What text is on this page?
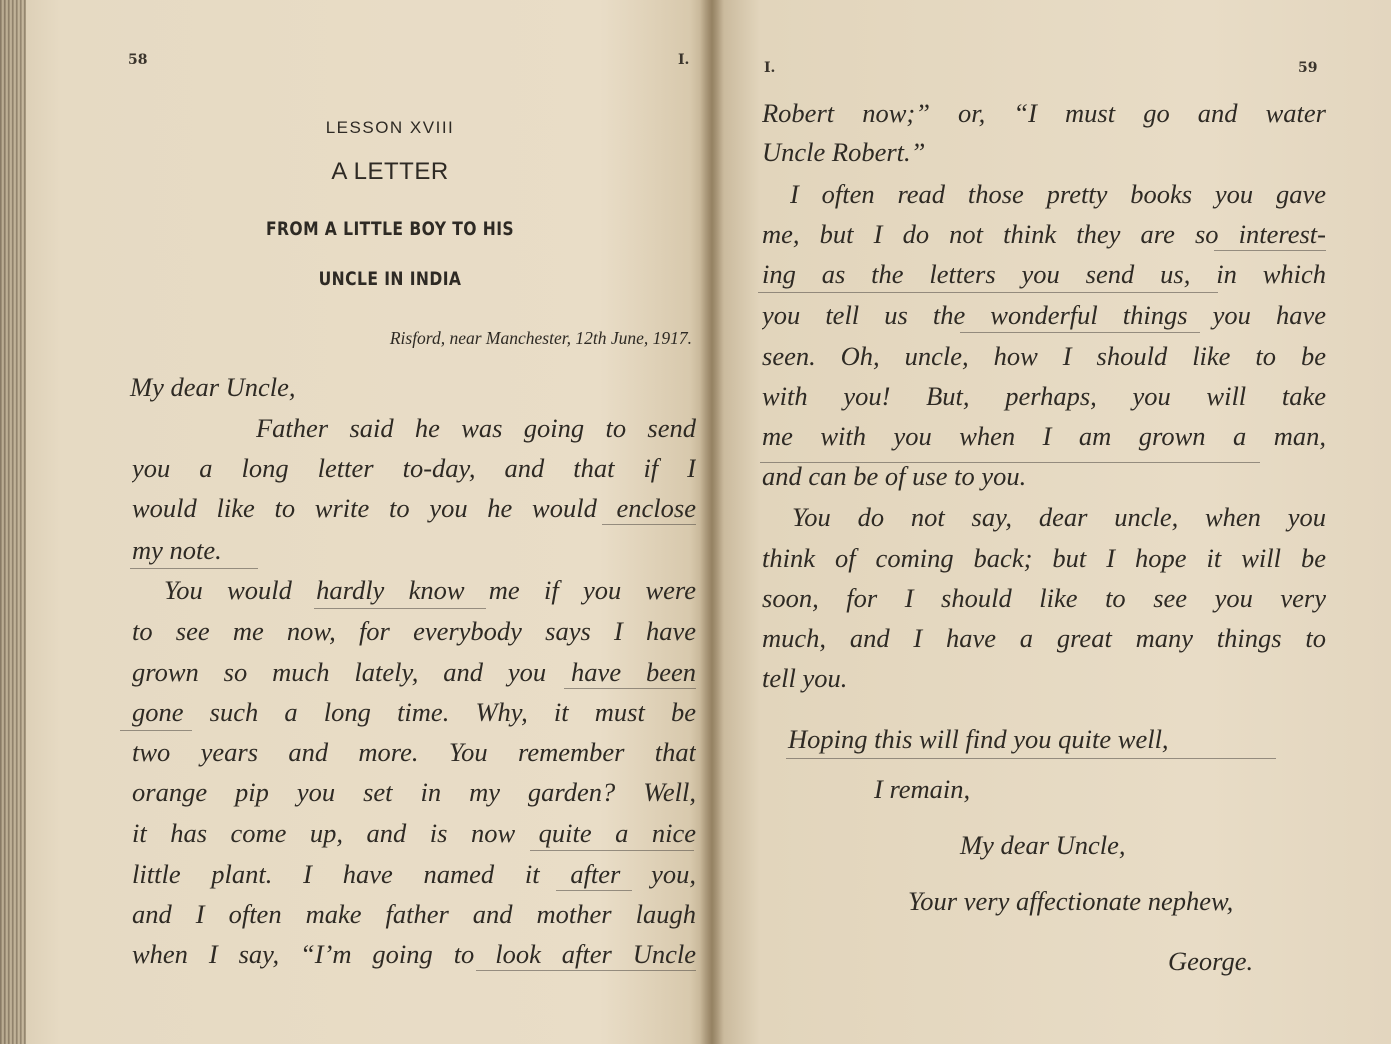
58	I.
LESSON XVIII
A LETTER
FROM A LITTLE BOY TO HIS
UNCLE IN INDIA
Risford, near Manchester, 12th June, 1917.
My dear Uncle,
Father said he was going to send
you a long letter to-day, and that if I
would like to write to you he would enclose
my note.
You would hardly know me if you were
to see me now, for everybody says I have
grown so much lately, and you have been
gone such a long time. Why, it must be
two years and more. You remember that
orange pip you set in my garden? Well,
it has come up, and is now quite a nice
little plant. I have named it after you,
and I often make father and mother laugh
when I say, “I’m going to look after Uncle
I.	59
Robert now;” or, “I must go and water
Uncle Robert.”
I often read those pretty books you gave
me, but I do not think they are so interest-
ing as the letters you send us, in which
you tell us the wonderful things you have
seen. Oh, uncle, how I should like to be
with you! But, perhaps, you will take
me with you when I am grown a man,
and can be of use to you.
You do not say, dear uncle, when you
think of coming back; but I hope it will be
soon, for I should like to see you very
much, and I have a great many things to
tell you.
Hoping this will find you quite well,
I remain,
My dear Uncle,
Your very affectionate nephew,
George.
